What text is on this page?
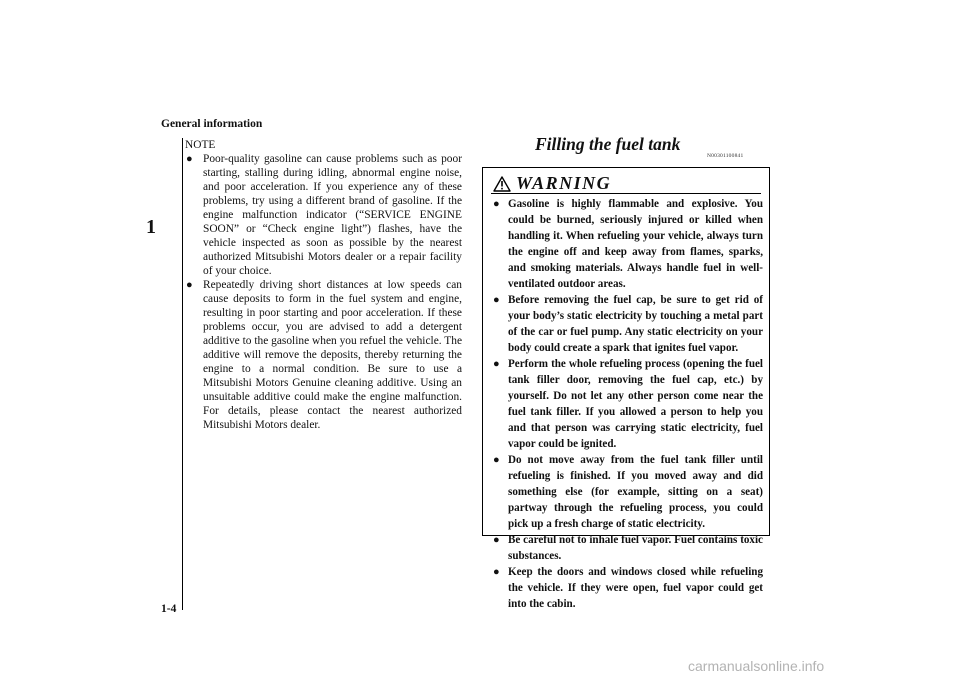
General information
1
NOTE
● Poor-quality gasoline can cause problems such as poor starting, stalling during idling, abnormal engine noise, and poor acceleration. If you experience any of these problems, try using a different brand of gasoline. If the engine malfunction indicator (“SERVICE ENGINE SOON” or “Check engine light”) flashes, have the vehicle inspected as soon as possible by the nearest authorized Mitsubishi Motors dealer or a repair facility of your choice.
● Repeatedly driving short distances at low speeds can cause deposits to form in the fuel system and engine, resulting in poor starting and poor acceleration. If these problems occur, you are advised to add a detergent additive to the gasoline when you refuel the vehicle. The additive will remove the deposits, thereby returning the engine to a normal condition. Be sure to use a Mitsubishi Motors Genuine cleaning additive. Using an unsuitable additive could make the engine malfunction. For details, please contact the nearest authorized Mitsubishi Motors dealer.
Filling the fuel tank
N00301100841
WARNING
● Gasoline is highly flammable and explosive. You could be burned, seriously injured or killed when handling it. When refueling your vehicle, always turn the engine off and keep away from flames, sparks, and smoking materials. Always handle fuel in well-ventilated outdoor areas.
● Before removing the fuel cap, be sure to get rid of your body’s static electricity by touching a metal part of the car or fuel pump. Any static electricity on your body could create a spark that ignites fuel vapor.
● Perform the whole refueling process (opening the fuel tank filler door, removing the fuel cap, etc.) by yourself. Do not let any other person come near the fuel tank filler. If you allowed a person to help you and that person was carrying static electricity, fuel vapor could be ignited.
● Do not move away from the fuel tank filler until refueling is finished. If you moved away and did something else (for example, sitting on a seat) partway through the refueling process, you could pick up a fresh charge of static electricity.
● Be careful not to inhale fuel vapor. Fuel contains toxic substances.
● Keep the doors and windows closed while refueling the vehicle. If they were open, fuel vapor could get into the cabin.
1-4
carmanualsonline.info
